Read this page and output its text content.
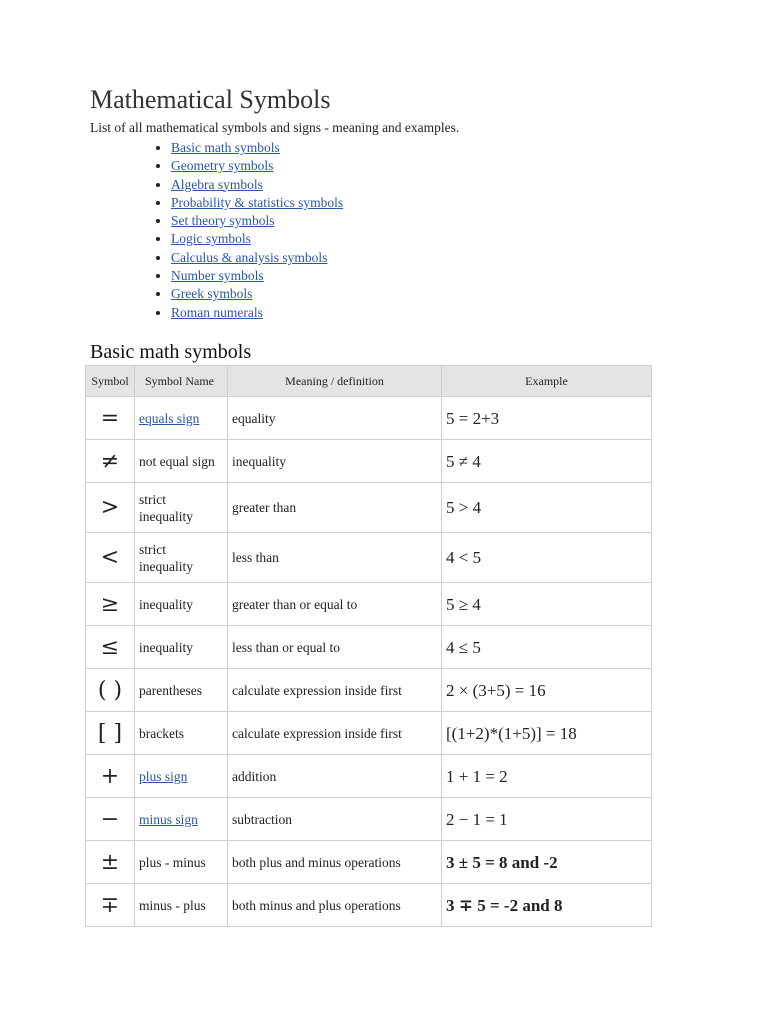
Mathematical Symbols

List of all mathematical symbols and signs - meaning and examples.

• Basic math symbols
• Geometry symbols
• Algebra symbols
• Probability & statistics symbols
• Set theory symbols
• Logic symbols
• Calculus & analysis symbols
• Number symbols
• Greek symbols
• Roman numerals
Basic math symbols
Symbol	Symbol Name	Meaning / definition	Example
=	equals sign	equality	5 = 2+3
≠	not equal sign	inequality	5 ≠ 4
>	strict inequality	greater than	5 > 4
<	strict inequality	less than	4 < 5
≥	inequality	greater than or equal to	5 ≥ 4
≤	inequality	less than or equal to	4 ≤ 5
( )	parentheses	calculate expression inside first	2 × (3+5) = 16
[ ]	brackets	calculate expression inside first	[(1+2)*(1+5)] = 18
+	plus sign	addition	1 + 1 = 2
−	minus sign	subtraction	2 − 1 = 1
±	plus - minus	both plus and minus operations	3 ± 5 = 8 and -2
∓	minus - plus	both minus and plus operations	3 ∓ 5 = -2 and 8
